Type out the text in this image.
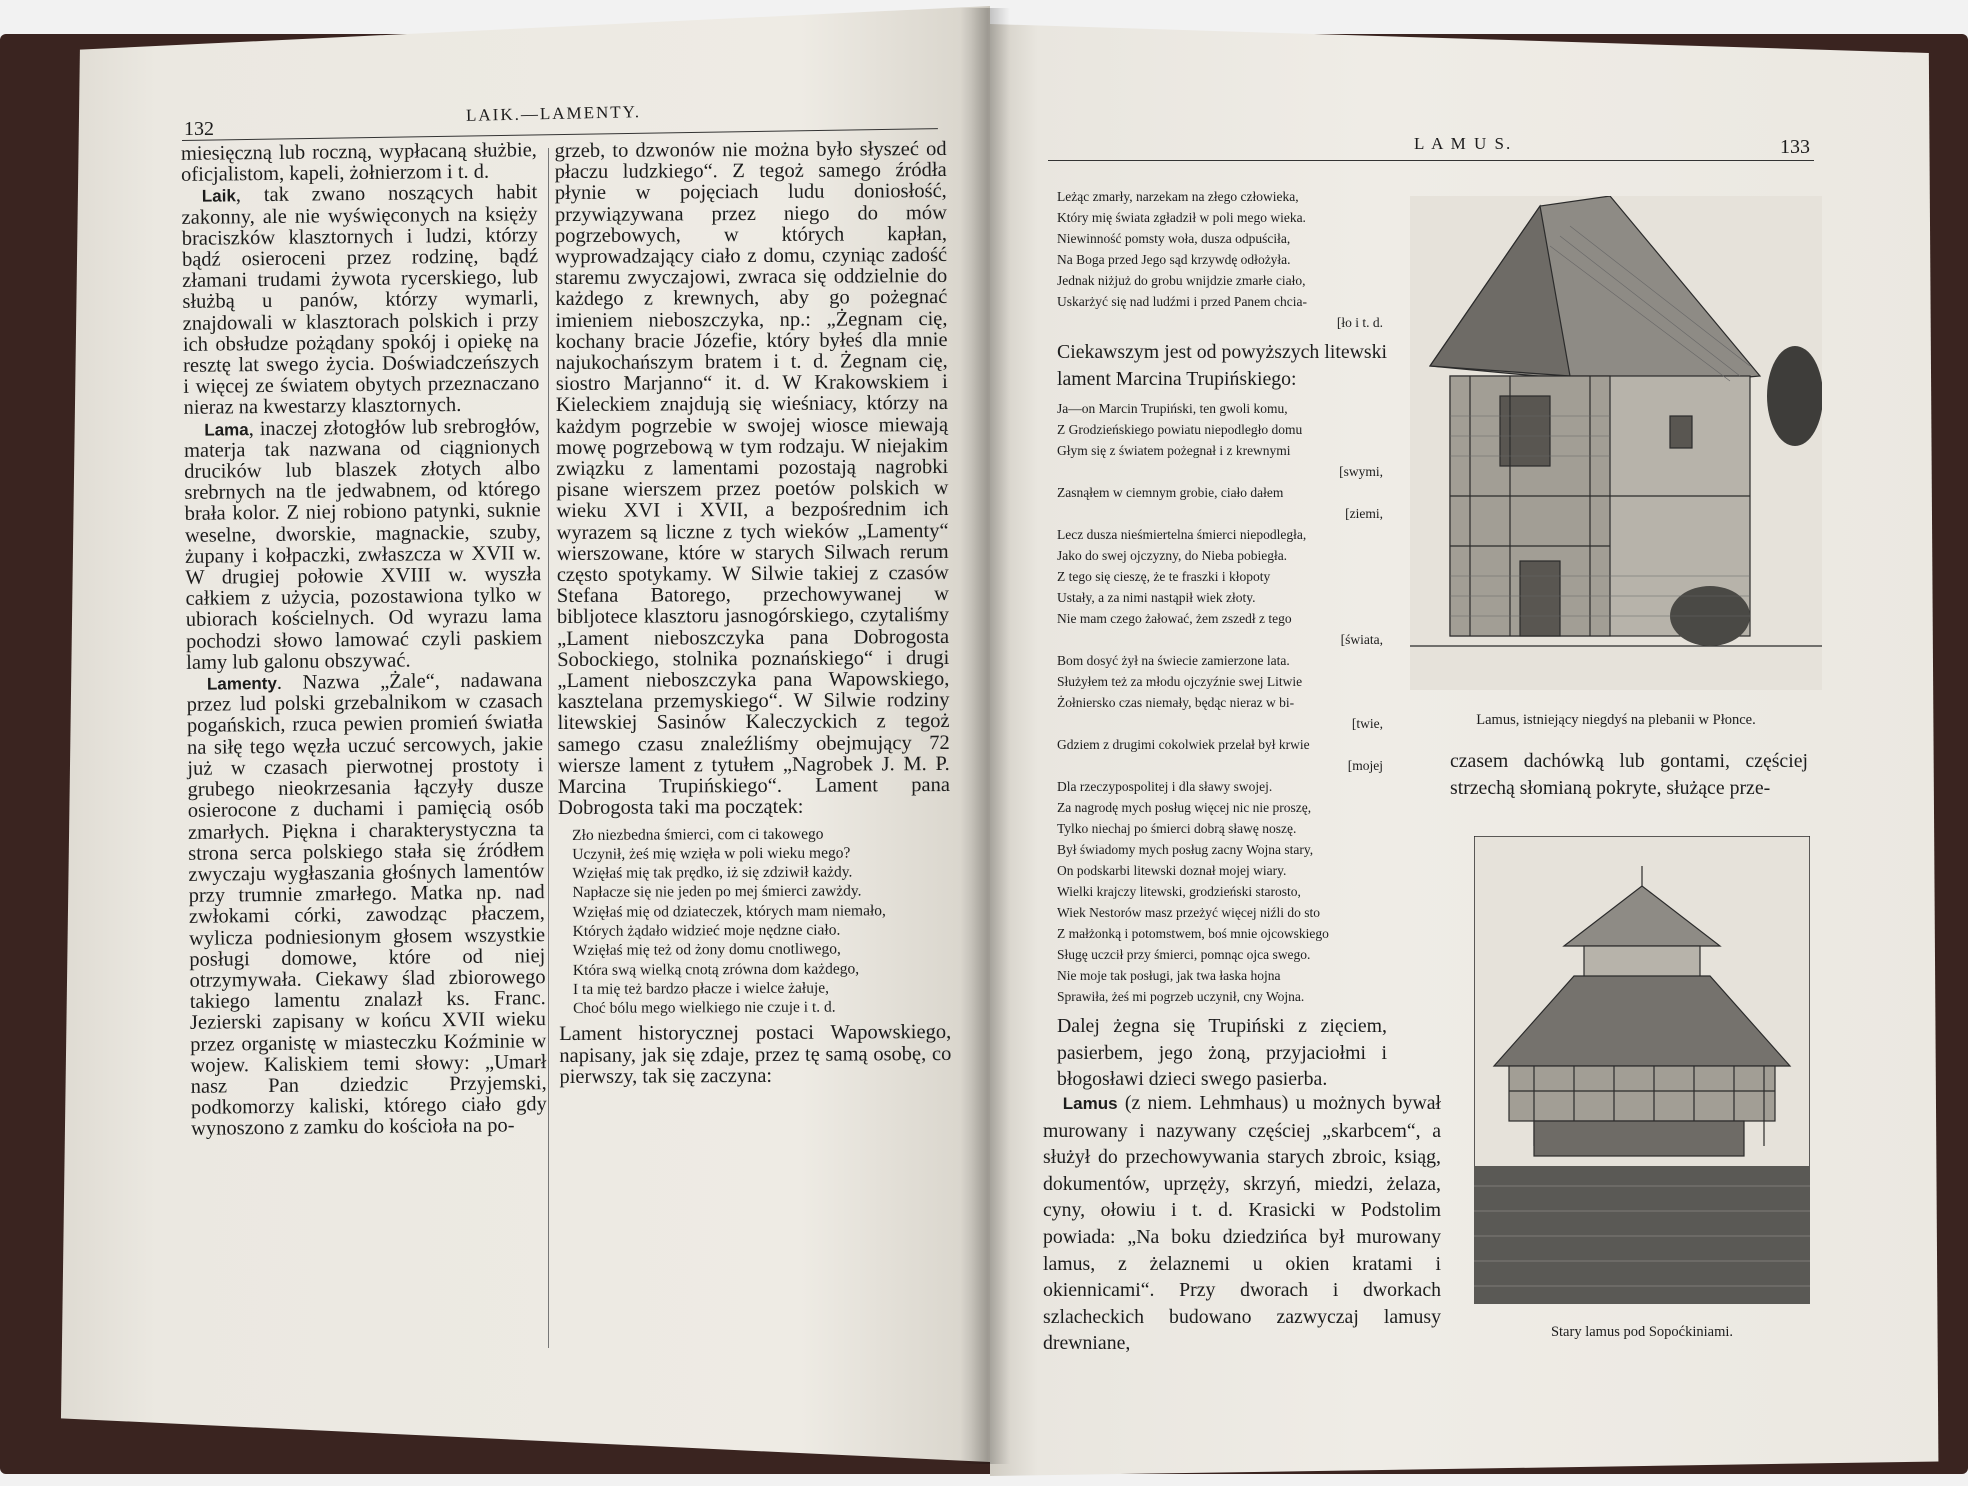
132
LAIK.—LAMENTY.

miesięczną lub roczną, wypłacaną służbie, oficjalistom, kapeli, żołnierzom i t. d.

 Laik, tak zwano noszących habit zakonny, ale nie wyświęconych na księży braciszków klasztornych i ludzi, którzy bądź osieroceni przez rodzinę, bądź złamani trudami żywota rycerskiego, lub służbą u panów, którzy wymarli, znajdowali w klasztorach polskich i przy ich obsłudze pożądany spokój i opiekę na resztę lat swego życia. Doświadczeńszych i więcej ze światem obytych przeznaczano nieraz na kwestarzy klasztornych.

 Lama, inaczej złotogłów lub srebrogłów, materja tak nazwana od ciągnionych drucików lub blaszek złotych albo srebrnych na tle jedwabnem, od którego brała kolor. Z niej robiono patynki, suknie weselne, dworskie, magnackie, szuby, żupany i kołpaczki, zwłaszcza w XVII w. W drugiej połowie XVIII w. wyszła całkiem z użycia, pozostawiona tylko w ubiorach kościelnych. Od wyrazu lama pochodzi słowo lamować czyli paskiem lamy lub galonu obszywać.

 Lamenty. Nazwa „Żale“, nadawana przez lud polski grzebalnikom w czasach pogańskich, rzuca pewien promień światła na siłę tego węzła uczuć sercowych, jakie już w czasach pierwotnej prostoty i grubego nieokrzesania łączyły dusze osierocone z duchami i pamięcią osób zmarłych. Piękna i charakterystyczna ta strona serca polskiego stała się źródłem zwyczaju wygłaszania głośnych lamentów przy trumnie zmarłego. Matka np. nad zwłokami córki, zawodząc płaczem, wylicza podniesionym głosem wszystkie posługi domowe, które od niej otrzymywała. Ciekawy ślad zbiorowego takiego lamentu znalazł ks. Franc. Jezierski zapisany w końcu XVII wieku przez organistę w miasteczku Koźminie w wojew. Kaliskiem temi słowy: „Umarł nasz Pan dziedzic Przyjemski, podkomorzy kaliski, którego ciało gdy wynoszono z zamku do kościoła na po-

grzeb, to dzwonów nie można było słyszeć od płaczu ludzkiego“. Z tegoż samego źródła płynie w pojęciach ludu doniosłość, przywiązywana przez niego do mów pogrzebowych, w których kapłan, wyprowadzający ciało z domu, czyniąc zadość staremu zwyczajowi, zwraca się oddzielnie do każdego z krewnych, aby go pożegnać imieniem nieboszczyka, np.: „Żegnam cię, kochany bracie Józefie, który byłeś dla mnie najukochańszym bratem i t. d. Żegnam cię, siostro Marjanno“ it. d. W Krakowskiem i Kieleckiem znajdują się wieśniacy, którzy na każdym pogrzebie w swojej wiosce miewają mowę pogrzebową w tym rodzaju. W niejakim związku z lamentami pozostają nagrobki pisane wierszem przez poetów polskich w wieku XVI i XVII, a bezpośrednim ich wyrazem są liczne z tych wieków „Lamenty“ wierszowane, które w starych Silwach rerum często spotykamy. W Silwie takiej z czasów Stefana Batorego, przechowywanej w bibljotece klasztoru jasnogórskiego, czytaliśmy „Lament nieboszczyka pana Dobrogosta Sobockiego, stolnika poznańskiego“ i drugi „Lament nieboszczyka pana Wapowskiego, kasztelana przemyskiego“. W Silwie rodziny litewskiej Sasinów Kaleczyckich z tegoż samego czasu znaleźliśmy obejmujący 72 wiersze lament z tytułem „Nagrobek J. M. P. Marcina Trupińskiego“. Lament pana Dobrogosta taki ma początek:

Zło niezbedna śmierci, com ci takowego
Uczynił, żeś mię wzięła w poli wieku mego?
Wzięłaś mię tak prędko, iż się zdziwił każdy.
Napłacze się nie jeden po mej śmierci zawżdy.
Wzięłaś mię od dziateczek, których mam niemało,
Których żądało widzieć moje nędzne ciało.
Wzięłaś mię też od żony domu cnotliwego,
Która swą wielką cnotą zrówna dom każdego,
I ta mię też bardzo płacze i wielce żałuje,
Choć bólu mego wielkiego nie czuje i t. d.

Lament historycznej postaci Wapowskiego, napisany, jak się zdaje, przez tę samą osobę, co pierwszy, tak się zaczyna:

L A M U S.	133
Leżąc zmarły, narzekam na złego człowieka,
Który mię świata zgładził w poli mego wieka.
Niewinność pomsty woła, dusza odpuściła,
Na Boga przed Jego sąd krzywdę odłożyła.
Jednak niżjuż do grobu wnijdzie zmarłe ciało,
Uskarżyć się nad ludźmi i przed Panem chcia-
[ło i t. d.

Ciekawszym jest od powyższych litewski lament Marcina Trupińskiego:

Ja—on Marcin Trupiński, ten gwoli komu,
Z Grodzieńskiego powiatu niepodległo domu
Głym się z światem pożegnał i z krewnymi
[swymi,
Zasnąłem w ciemnym grobie, ciało dałem
[ziemi,
Lecz dusza nieśmiertelna śmierci niepodległa,
Jako do swej ojczyzny, do Nieba pobiegła.
Z tego się cieszę, że te fraszki i kłopoty
Ustały, a za nimi nastąpił wiek złoty.
Nie mam czego żałować, żem zszedł z tego
[świata,
Bom dosyć żył na świecie zamierzone lata.
Służyłem też za młodu ojczyźnie swej Litwie
Żołniersko czas niemały, będąc nieraz w bi-
[twie,
Gdziem z drugimi cokolwiek przelał był krwie
[mojej
Dla rzeczypospolitej i dla sławy swojej.
Za nagrodę mych posług więcej nic nie proszę,
Tylko niechaj po śmierci dobrą sławę noszę.
Był świadomy mych posług zacny Wojna stary,
On podskarbi litewski doznał mojej wiary.
Wielki krajczy litewski, grodzieński starosto,
Wiek Nestorów masz przeżyć więcej niźli do sto
Z małżonką i potomstwem, boś mnie ojcowskiego
Sługę uczcił przy śmierci, pomnąc ojca swego.
Nie moje tak posługi, jak twa łaska hojna
Sprawiła, żeś mi pogrzeb uczynił, cny Wojna.

Dalej żegna się Trupiński z zięciem, pasierbem, jego żoną, przyjaciołmi i błogosławi dzieci swego pasierba.

 Lamus (z niem. Lehmhaus) u możnych bywał murowany i nazywany częściej „skarbcem“, a służył do przechowywania starych zbroic, ksiąg, dokumentów, uprzęży, skrzyń, miedzi, żelaza, cyny, ołowiu i t. d. Krasicki w Podstolim powiada: „Na boku dziedzińca był murowany lamus, z żelaznemi u okien kratami i okiennicami“. Przy dworach i dworkach szlacheckich budowano zazwyczaj lamusy drewniane,

Lamus, istniejący niegdyś na plebanii w Płonce.

czasem dachówką lub gontami, częściej strzechą słomianą pokryte, służące prze-

Stary lamus pod Sopoćkiniami.
